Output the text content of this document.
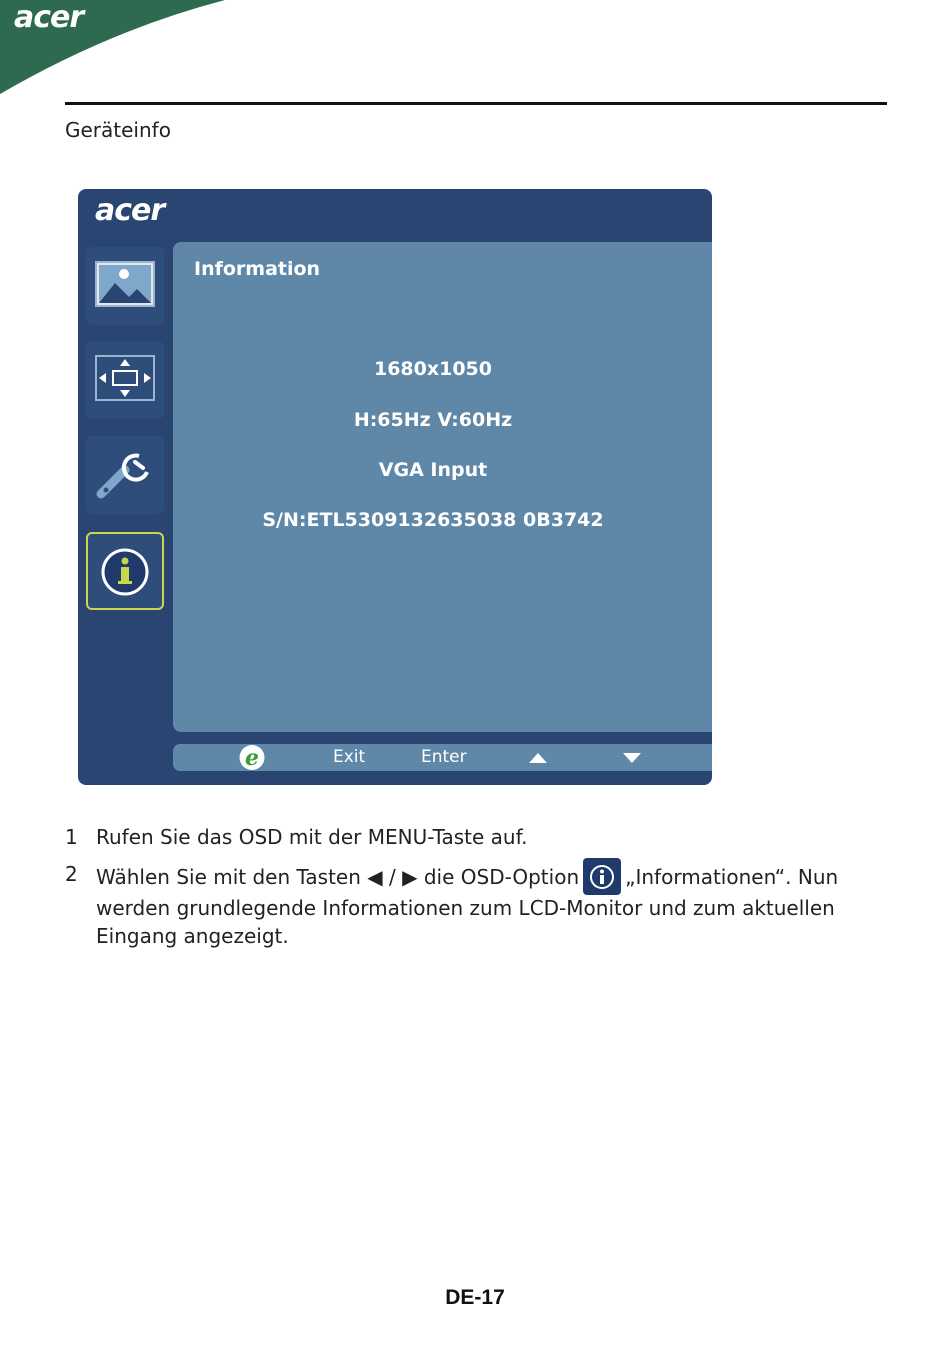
acer
Geräteinfo
acer
Information
1680x1050
H:65Hz V:60Hz
VGA Input
S/N:ETL5309132635038 0B3742
e	Exit	Enter
1 Rufen Sie das OSD mit der MENU-Taste auf.
2 Wählen Sie mit den Tasten ◀ / ▶ die OSD-Option „Informationen“. Nun
werden grundlegende Informationen zum LCD-Monitor und zum aktuellen
Eingang angezeigt.
DE-17
